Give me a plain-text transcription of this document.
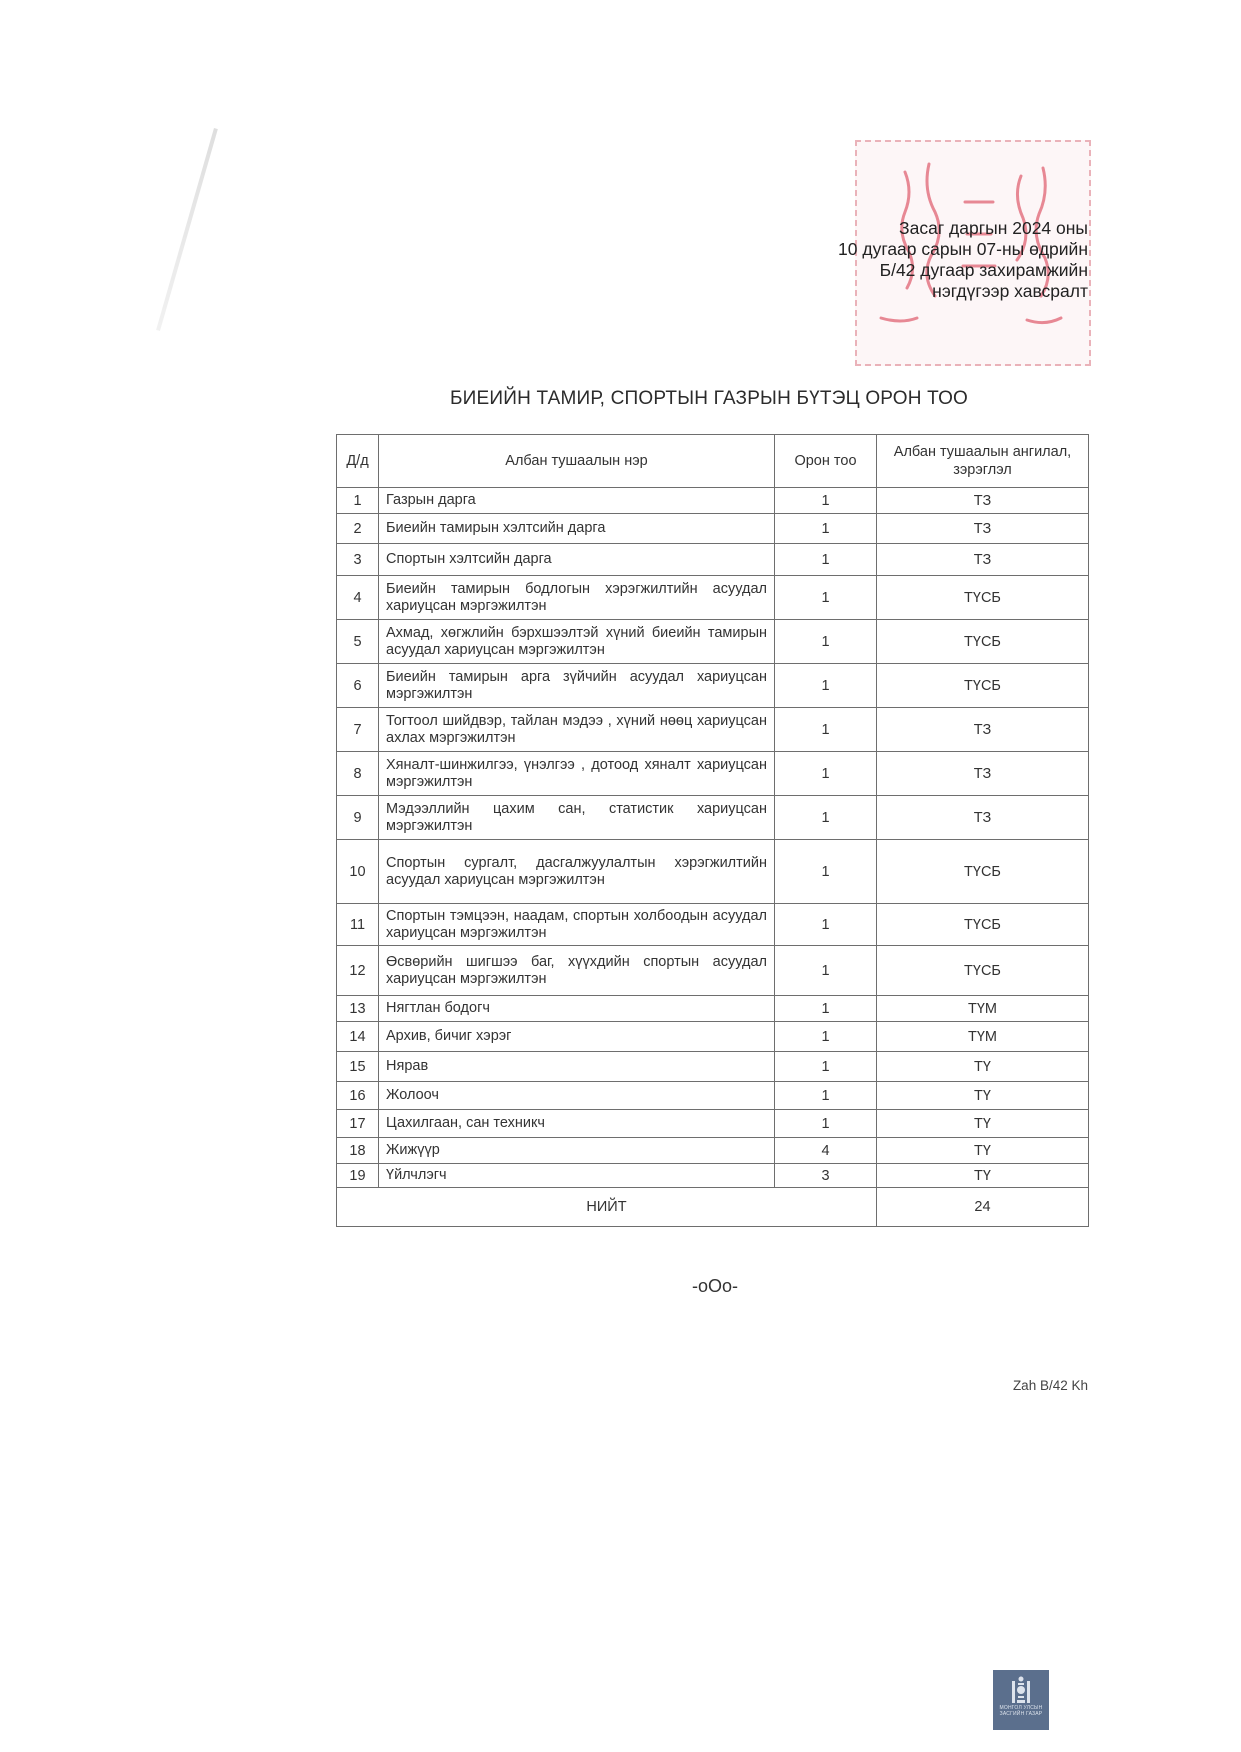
Засаг даргын 2024 оны
10 дугаар сарын 07-ны өдрийн
Б/42 дугаар захирамжийн
нэгдүгээр хавсралт
БИЕИЙН ТАМИР, СПОРТЫН ГАЗРЫН БҮТЭЦ ОРОН ТОО
Д/д	Албан тушаалын нэр	Орон тоо	Албан тушаалын ангилал, зэрэглэл
1	Газрын дарга	1	ТЗ
2	Биеийн тамирын хэлтсийн дарга	1	ТЗ
3	Спортын хэлтсийн дарга	1	ТЗ
4	Биеийн тамирын бодлогын хэрэгжилтийн асуудал хариуцсан мэргэжилтэн	1	ТҮСБ
5	Ахмад, хөгжлийн бэрхшээлтэй хүний биеийн тамирын асуудал хариуцсан мэргэжилтэн	1	ТҮСБ
6	Биеийн тамирын арга зүйчийн асуудал хариуцсан мэргэжилтэн	1	ТҮСБ
7	Тогтоол шийдвэр, тайлан мэдээ , хүний нөөц хариуцсан ахлах мэргэжилтэн	1	ТЗ
8	Хяналт-шинжилгээ, үнэлгээ , дотоод хяналт хариуцсан мэргэжилтэн	1	ТЗ
9	Мэдээллийн цахим сан, статистик хариуцсан мэргэжилтэн	1	ТЗ
10	Спортын сургалт, дасгалжуулалтын хэрэгжилтийн асуудал хариуцсан мэргэжилтэн	1	ТҮСБ
11	Спортын тэмцээн, наадам, спортын холбоодын асуудал хариуцсан мэргэжилтэн	1	ТҮСБ
12	Өсвөрийн шигшээ баг, хүүхдийн спортын асуудал хариуцсан мэргэжилтэн	1	ТҮСБ
13	Нягтлан бодогч	1	ТҮМ
14	Архив, бичиг хэрэг	1	ТҮМ
15	Нярав	1	ТҮ
16	Жолооч	1	ТҮ
17	Цахилгаан, сан техникч	1	ТҮ
18	Жижүүр	4	ТҮ
19	Үйлчлэгч	3	ТҮ
НИЙТ			24
-oOo-
Zah B/42 Kh
МОНГОЛ УЛСЫН ЗАСГИЙН ГАЗАР
